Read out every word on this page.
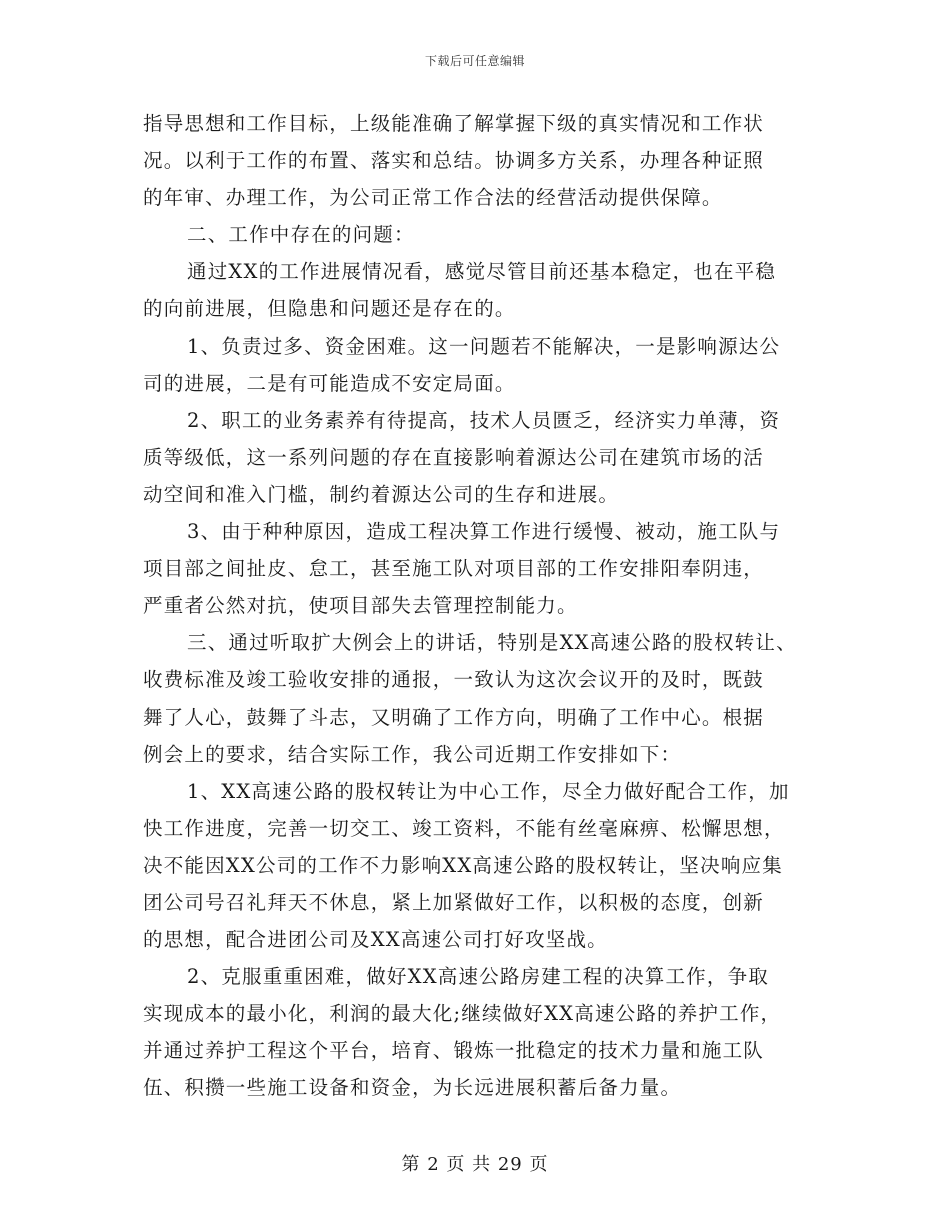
下载后可任意编辑
指导思想和工作目标，上级能准确了解掌握下级的真实情况和工作状
况。以利于工作的布置、落实和总结。协调多方关系，办理各种证照
的年审、办理工作，为公司正常工作合法的经营活动提供保障。
二、工作中存在的问题：
通过XX的工作进展情况看，感觉尽管目前还基本稳定，也在平稳
的向前进展，但隐患和问题还是存在的。
1、负责过多、资金困难。这一问题若不能解决，一是影响源达公
司的进展，二是有可能造成不安定局面。
2、职工的业务素养有待提高，技术人员匮乏，经济实力单薄，资
质等级低，这一系列问题的存在直接影响着源达公司在建筑市场的活
动空间和准入门槛，制约着源达公司的生存和进展。
3、由于种种原因，造成工程决算工作进行缓慢、被动，施工队与
项目部之间扯皮、怠工，甚至施工队对项目部的工作安排阳奉阴违，
严重者公然对抗，使项目部失去管理控制能力。
三、通过听取扩大例会上的讲话，特别是XX高速公路的股权转让、
收费标准及竣工验收安排的通报，一致认为这次会议开的及时，既鼓
舞了人心，鼓舞了斗志，又明确了工作方向，明确了工作中心。根据
例会上的要求，结合实际工作，我公司近期工作安排如下：
1、XX高速公路的股权转让为中心工作，尽全力做好配合工作，加
快工作进度，完善一切交工、竣工资料，不能有丝毫麻痹、松懈思想，
决不能因XX公司的工作不力影响XX高速公路的股权转让，坚决响应集
团公司号召礼拜天不休息，紧上加紧做好工作，以积极的态度，创新
的思想，配合进团公司及XX高速公司打好攻坚战。
2、克服重重困难，做好XX高速公路房建工程的决算工作，争取
实现成本的最小化，利润的最大化;继续做好XX高速公路的养护工作，
并通过养护工程这个平台，培育、锻炼一批稳定的技术力量和施工队
伍、积攒一些施工设备和资金，为长远进展积蓄后备力量。
第 2 页 共 29 页
